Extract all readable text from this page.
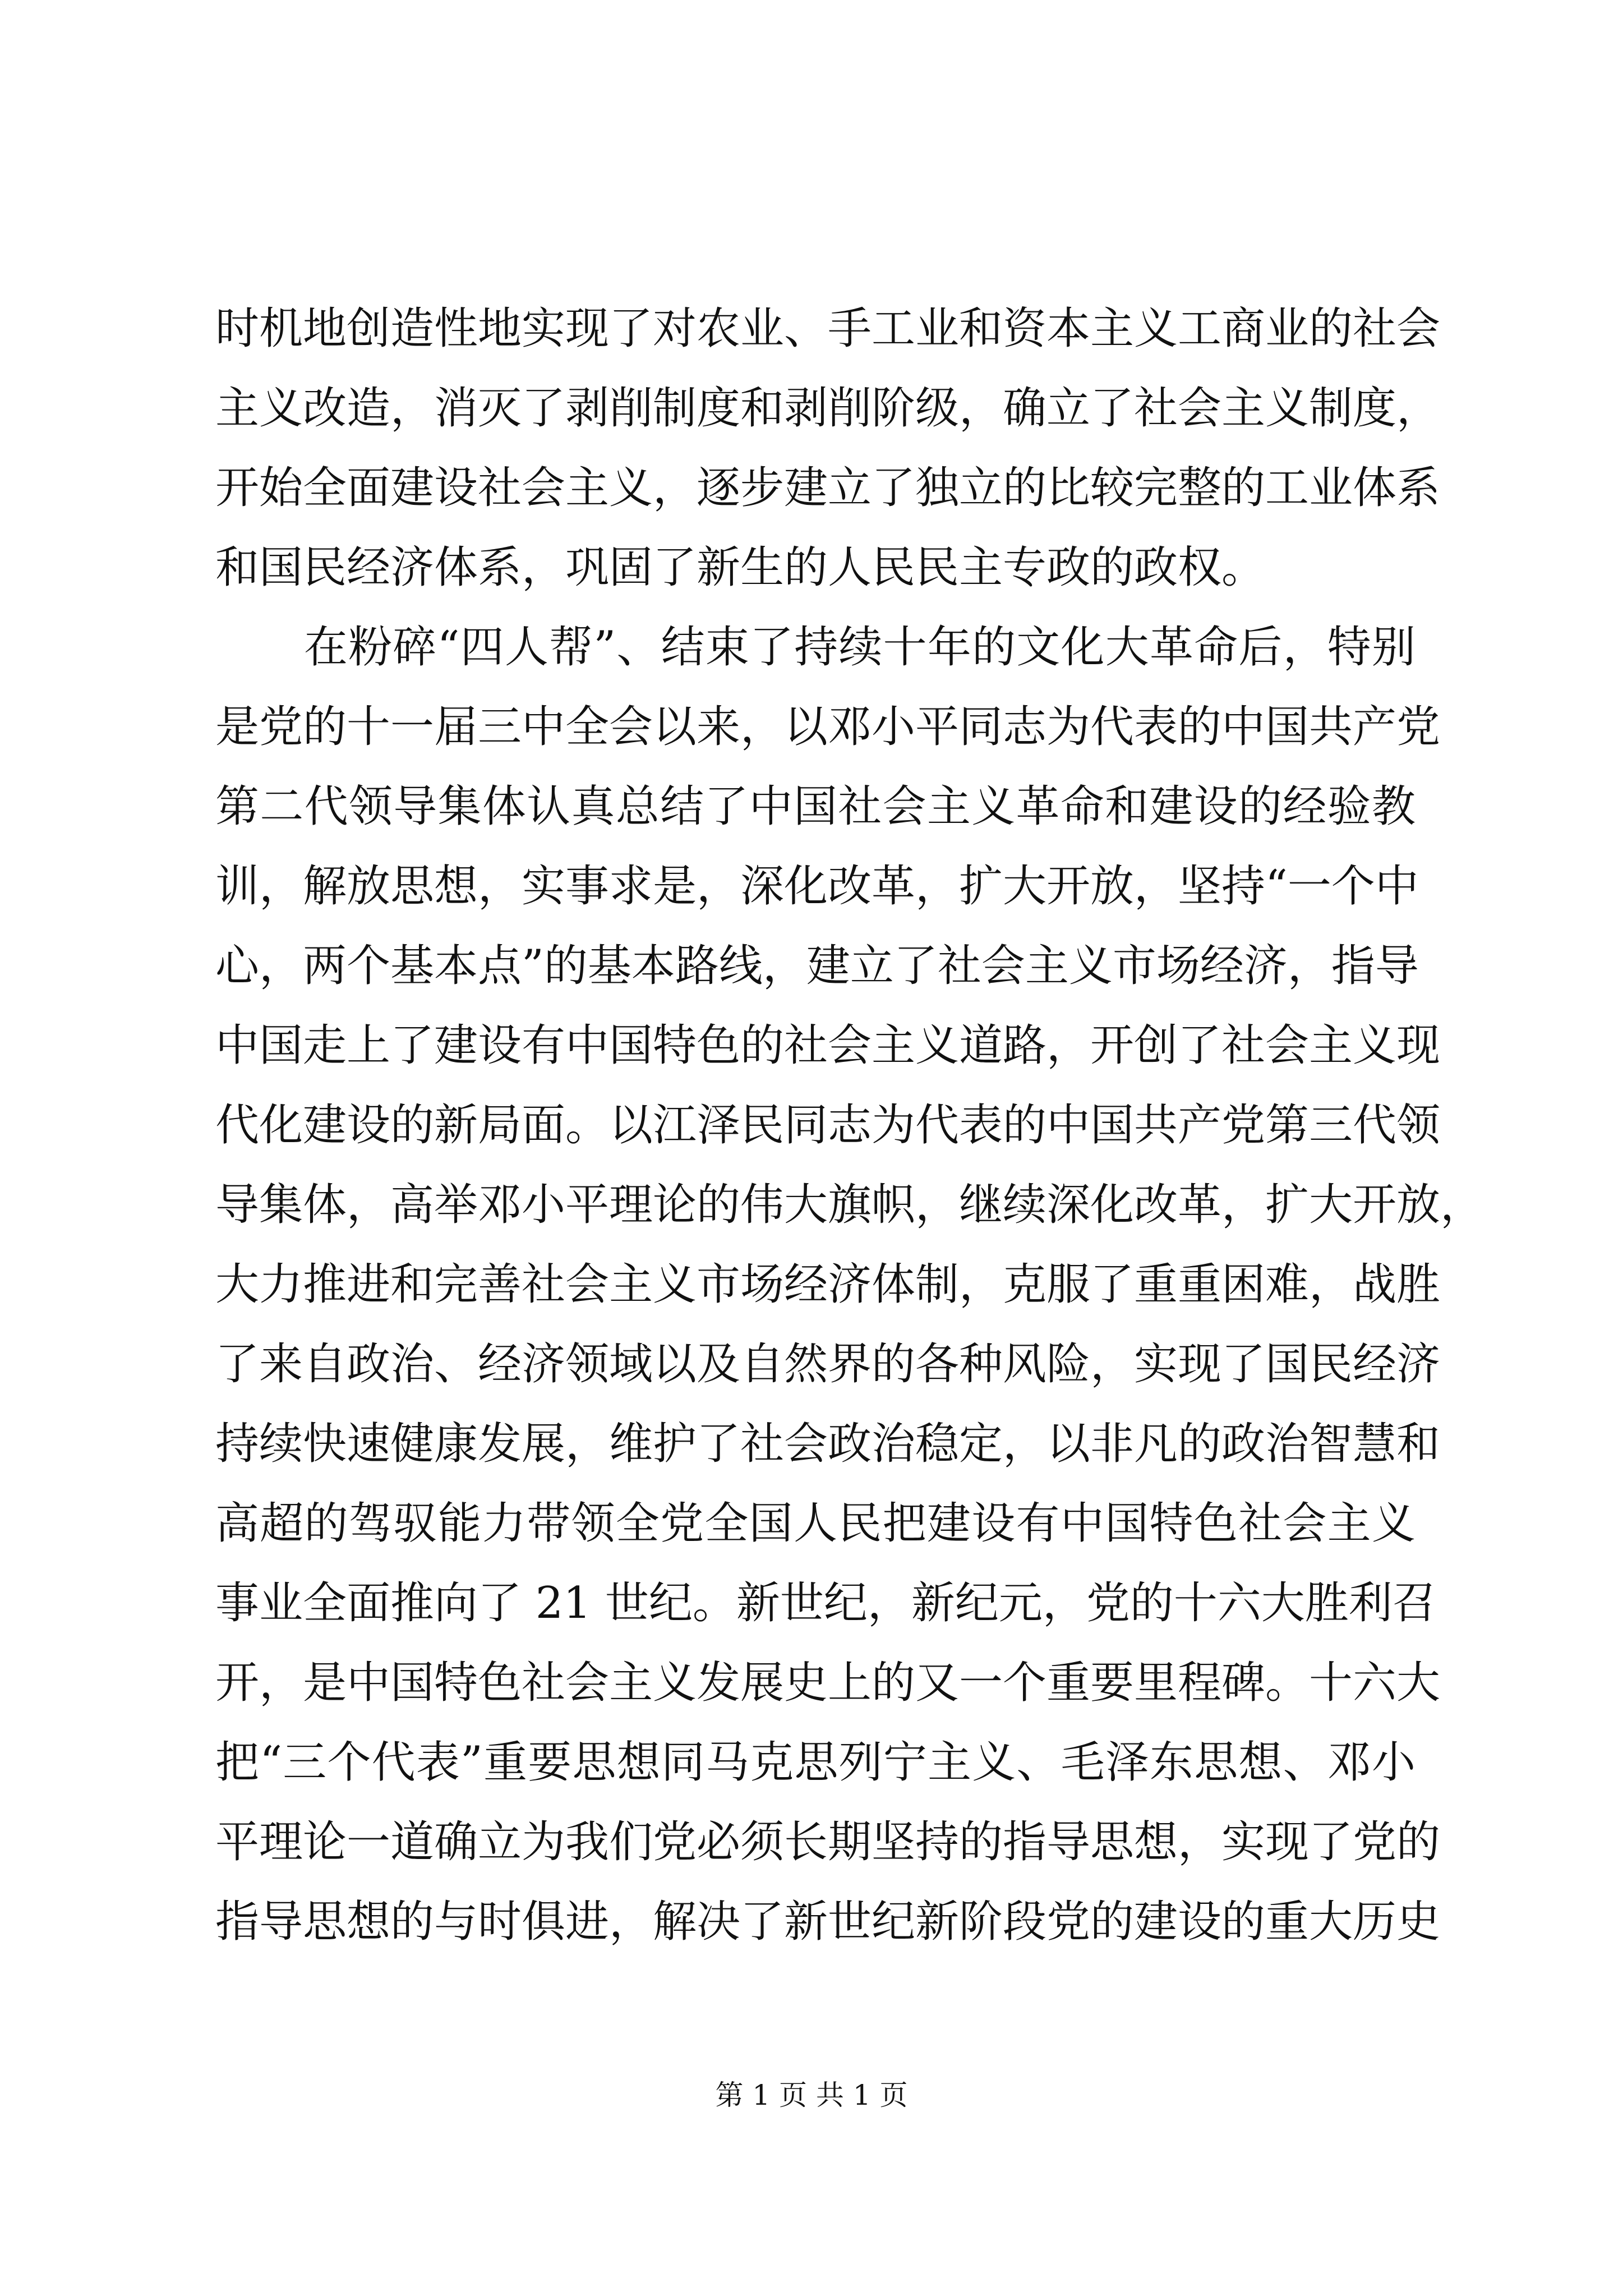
时机地创造性地实现了对农业、手工业和资本主义工商业的社会
主义改造，消灭了剥削制度和剥削阶级，确立了社会主义制度，
开始全面建设社会主义，逐步建立了独立的比较完整的工业体系
和国民经济体系，巩固了新生的人民民主专政的政权。
在粉碎“四人帮”、结束了持续十年的文化大革命后，特别
是党的十一届三中全会以来，以邓小平同志为代表的中国共产党
第二代领导集体认真总结了中国社会主义革命和建设的经验教
训，解放思想，实事求是，深化改革，扩大开放，坚持“一个中
心，两个基本点”的基本路线，建立了社会主义市场经济，指导
中国走上了建设有中国特色的社会主义道路，开创了社会主义现
代化建设的新局面。以江泽民同志为代表的中国共产党第三代领
导集体，高举邓小平理论的伟大旗帜，继续深化改革，扩大开放，
大力推进和完善社会主义市场经济体制，克服了重重困难，战胜
了来自政治、经济领域以及自然界的各种风险，实现了国民经济
持续快速健康发展，维护了社会政治稳定，以非凡的政治智慧和
高超的驾驭能力带领全党全国人民把建设有中国特色社会主义
事业全面推向了 21 世纪。新世纪，新纪元，党的十六大胜利召
开，是中国特色社会主义发展史上的又一个重要里程碑。十六大
把“三个代表”重要思想同马克思列宁主义、毛泽东思想、邓小
平理论一道确立为我们党必须长期坚持的指导思想，实现了党的
指导思想的与时俱进，解决了新世纪新阶段党的建设的重大历史
第 1 页 共 1 页
